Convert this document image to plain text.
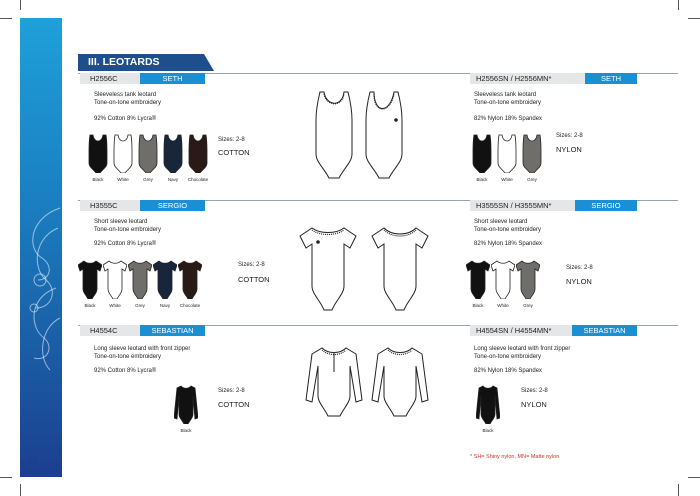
28
III. LEOTARDS
H2556C	SETH
Sleeveless tank leotard
Tone-on-tone embroidery
92% Cotton 8% Lycra®
Sizes: 2-8
COTTON
Black	White	Grey	Navy	Chocolate
H2556SN / H2556MN*	SETH
Sleeveless tank leotard
Tone-on-tone embroidery
82% Nylon 18% Spandex
Sizes: 2-8
NYLON
Black	White	Grey
H3555C	SERGIO
Short sleeve leotard
Tone-on-tone embroidery
92% Cotton 8% Lycra®
Sizes: 2-8
COTTON
Black	White	Grey	Navy	Chocolate
H3555SN / H3555MN*	SERGIO
Short sleeve leotard
Tone-on-tone embroidery
82% Nylon 18% Spandex
Sizes: 2-8
NYLON
Black	White	Grey
H4554C	SEBASTIAN
Long sleeve leotard with front zipper
Tone-on-tone embroidery
92% Cotton 8% Lycra®
Sizes: 2-8
COTTON
Black
H4554SN / H4554MN*	SEBASTIAN
Long sleeve leotard with front zipper
Tone-on-tone embroidery
82% Nylon 18% Spandex
Sizes: 2-8
NYLON
Black
* SH= Shiny nylon, MN= Matte nylon
